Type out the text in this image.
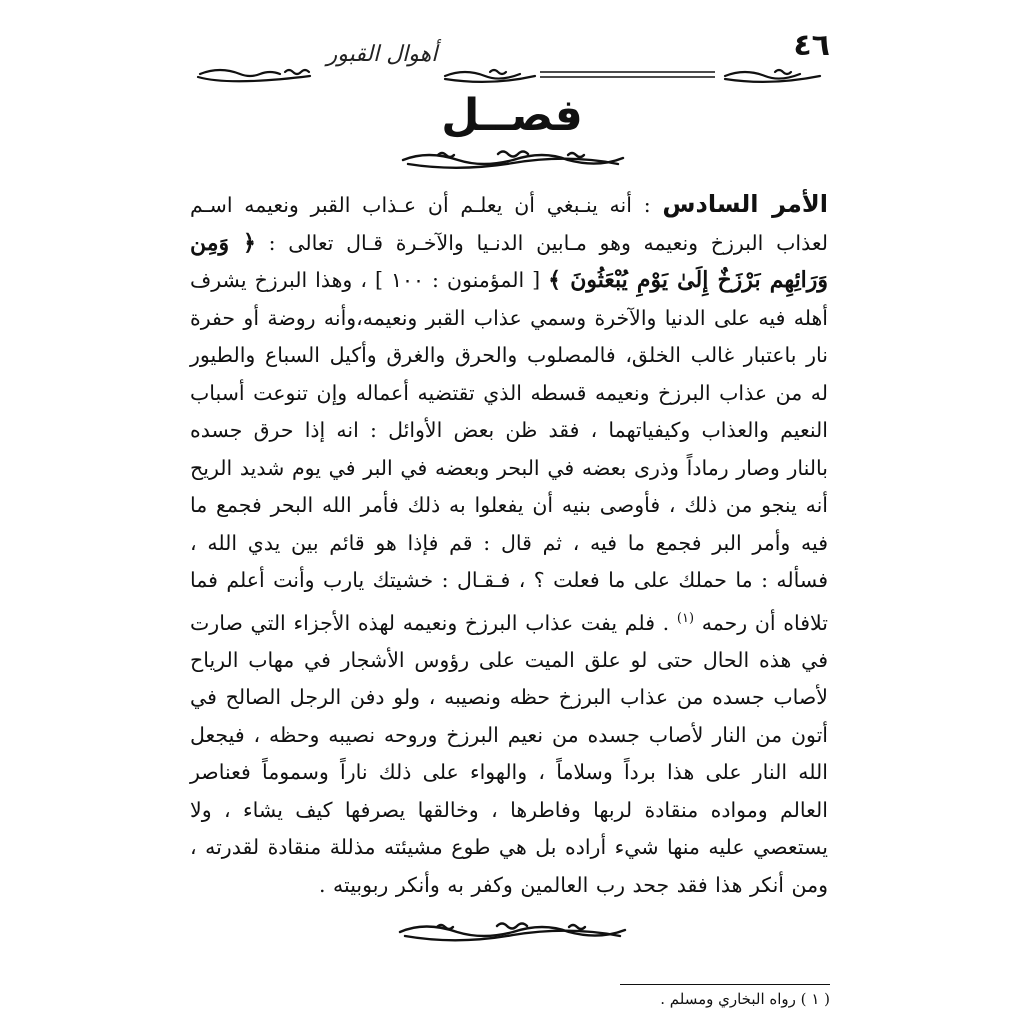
٤٦
أهوال القبور
فصــل

الأمر السادس : أنه ينـبغي أن يعلـم أن عـذاب القبر ونعيمه اسـم لعذاب البرزخ ونعيمه وهو مـابين الدنـيا والآخـرة قـال تعالى : ﴿ وَمِن وَرَائِهِم بَرْزَخٌ إِلَىٰ يَوْمِ يُبْعَثُونَ ﴾ [ المؤمنون : ١٠٠ ] ، وهذا البرزخ يشرف أهله فيه على الدنيا والآخرة وسمي عذاب القبر ونعيمه،وأنه روضة أو حفرة نار باعتبار غالب الخلق، فالمصلوب والحرق والغرق وأكيل السباع والطيور له من عذاب البرزخ ونعيمه قسطه الذي تقتضيه أعماله وإن تنوعت أسباب النعيم والعذاب وكيفياتهما ، فقد ظن بعض الأوائل : انه إذا حرق جسده بالنار وصار رماداً وذرى بعضه في البحر وبعضه في البر في يوم شديد الريح أنه ينجو من ذلك ، فأوصى بنيه أن يفعلوا به ذلك فأمر الله البحر فجمع ما فيه وأمر البر فجمع ما فيه ، ثم قال : قم فإذا هو قائم بين يدي الله ، فسأله : ما حملك على ما فعلت ؟ ، فـقـال : خشيتك يارب وأنت أعلم فما تلافاه أن رحمه $^{(١)}$ . فلم يفت عذاب البرزخ ونعيمه لهذه الأجزاء التي صارت في هذه الحال حتى لو علق الميت على رؤوس الأشجار في مهاب الرياح لأصاب جسده من عذاب البرزخ حظه ونصيبه ، ولو دفن الرجل الصالح في أتون من النار لأصاب جسده من نعيم البرزخ وروحه نصيبه وحظه ، فيجعل الله النار على هذا برداً وسلاماً ، والهواء على ذلك ناراً وسموماً فعناصر العالم ومواده منقادة لربها وفاطرها ، وخالقها يصرفها كيف يشاء ، ولا يستعصي عليه منها شيء أراده بل هي طوع مشيئته مذللة منقادة لقدرته ، ومن أنكر هذا فقد جحد رب العالمين وكفر به وأنكر ربوبيته .

( ١ ) رواه البخاري ومسلم .
